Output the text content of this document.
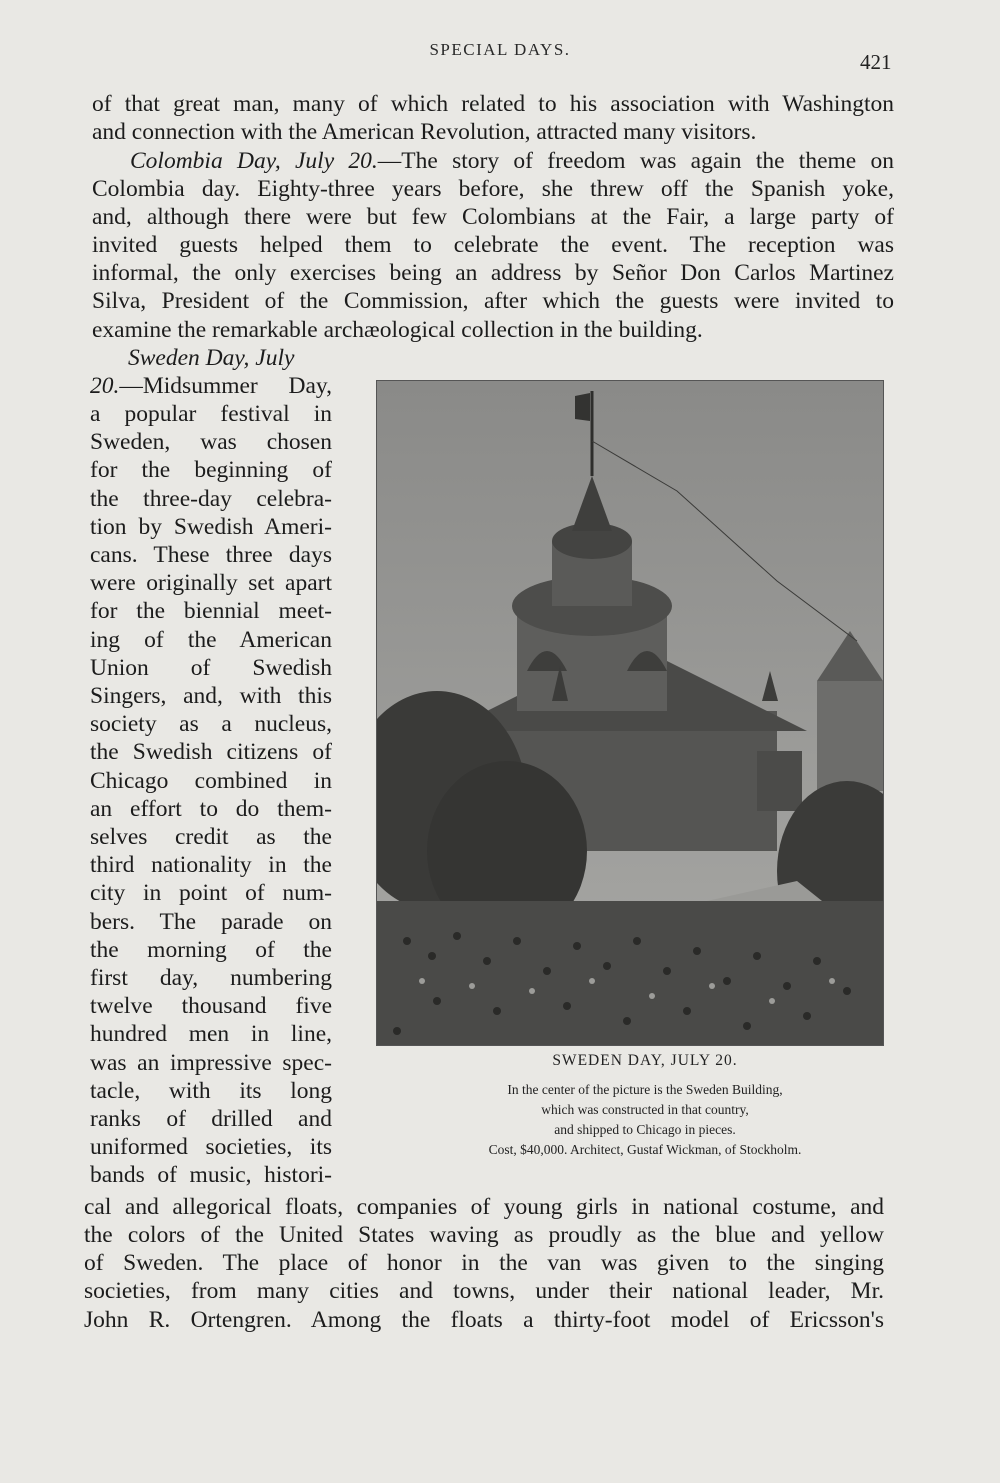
SPECIAL DAYS.
421
of that great man, many of which related to his association with Washington
and connection with the American Revolution, attracted many visitors.
Colombia Day, July 20.—The story of freedom was again the theme on
Colombia day. Eighty-three years before, she threw off the Spanish yoke,
and, although there were but few Colombians at the Fair, a large party of
invited guests helped them to celebrate the event. The reception was
informal, the only exercises being an address by Señor Don Carlos Martinez
Silva, President of the Commission, after which the guests were invited to
examine the remarkable archæological collection in the building.
Sweden Day, July
20.—Midsummer Day,
a popular festival in
Sweden, was chosen
for the beginning of
the three-day celebra-
tion by Swedish Ameri-
cans. These three days
were originally set apart
for the biennial meet-
ing of the American
Union of Swedish
Singers, and, with this
society as a nucleus,
the Swedish citizens of
Chicago combined in
an effort to do them-
selves credit as the
third nationality in the
city in point of num-
bers. The parade on
the morning of the
first day, numbering
twelve thousand five
hundred men in line,
was an impressive spec-
tacle, with its long
ranks of drilled and
uniformed societies, its
bands of music, histori-
SWEDEN DAY, JULY 20.
In the center of the picture is the Sweden Building,
which was constructed in that country,
and shipped to Chicago in pieces.
Cost, $40,000. Architect, Gustaf Wickman, of Stockholm.
cal and allegorical floats, companies of young girls in national costume, and
the colors of the United States waving as proudly as the blue and yellow
of Sweden. The place of honor in the van was given to the singing
societies, from many cities and towns, under their national leader, Mr.
John R. Ortengren. Among the floats a thirty-foot model of Ericsson's
